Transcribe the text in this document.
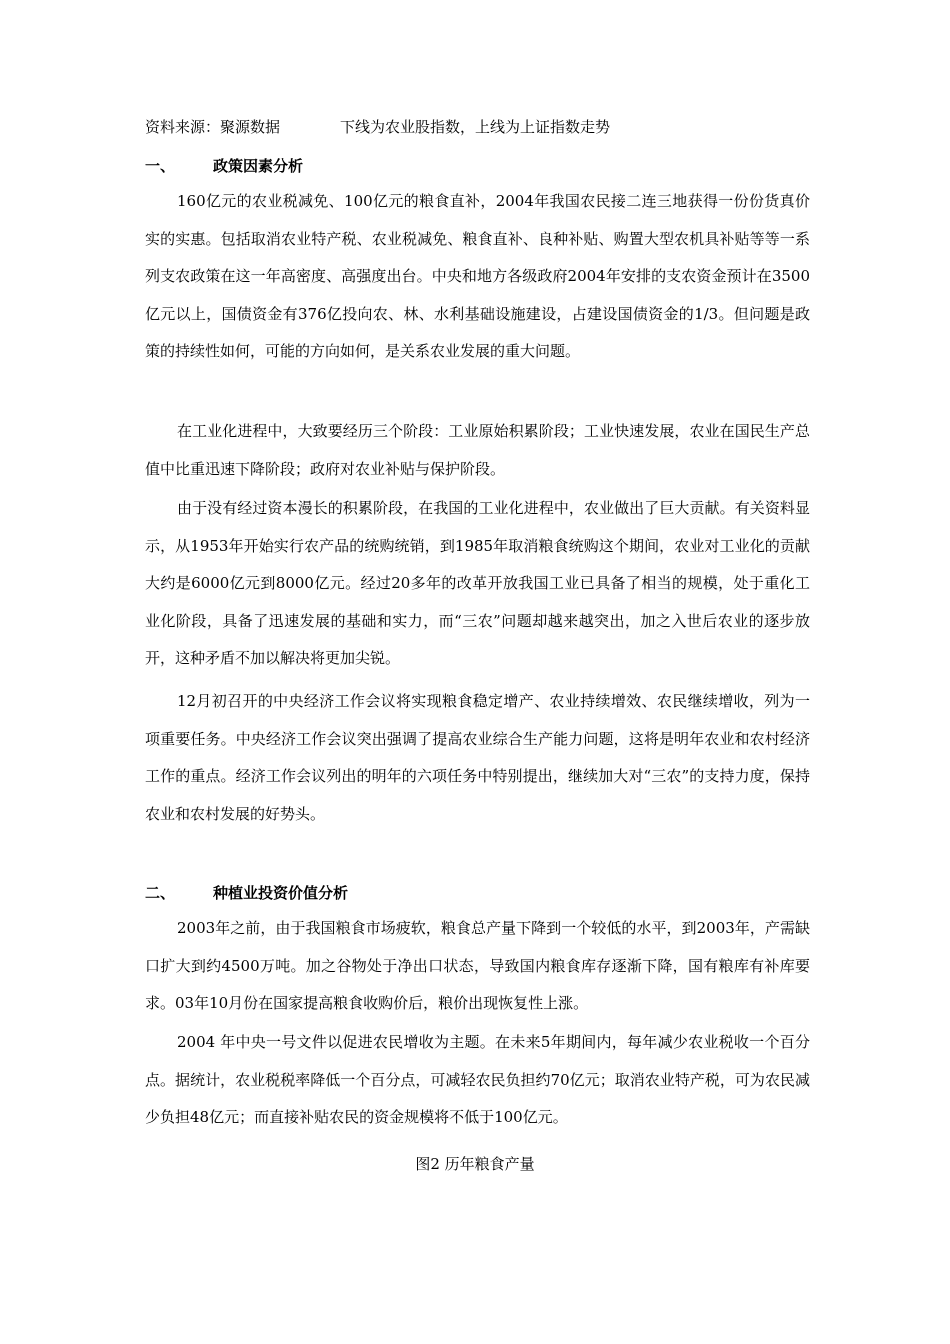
资料来源：聚源数据	下线为农业股指数，上线为上证指数走势
一、	政策因素分析

160亿元的农业税减免、100亿元的粮食直补，2004年我国农民接二连三地获得一份份货真价实的实惠。包括取消农业特产税、农业税减免、粮食直补、良种补贴、购置大型农机具补贴等等一系列支农政策在这一年高密度、高强度出台。中央和地方各级政府2004年安排的支农资金预计在3500亿元以上，国债资金有376亿投向农、林、水利基础设施建设，占建设国债资金的1/3。但问题是政策的持续性如何，可能的方向如何，是关系农业发展的重大问题。

在工业化进程中，大致要经历三个阶段：工业原始积累阶段；工业快速发展，农业在国民生产总值中比重迅速下降阶段；政府对农业补贴与保护阶段。

由于没有经过资本漫长的积累阶段，在我国的工业化进程中，农业做出了巨大贡献。有关资料显示，从1953年开始实行农产品的统购统销，到1985年取消粮食统购这个期间，农业对工业化的贡献大约是6000亿元到8000亿元。经过20多年的改革开放我国工业已具备了相当的规模，处于重化工业化阶段，具备了迅速发展的基础和实力，而“三农”问题却越来越突出，加之入世后农业的逐步放开，这种矛盾不加以解决将更加尖锐。

12月初召开的中央经济工作会议将实现粮食稳定增产、农业持续增效、农民继续增收，列为一项重要任务。中央经济工作会议突出强调了提高农业综合生产能力问题，这将是明年农业和农村经济工作的重点。经济工作会议列出的明年的六项任务中特别提出，继续加大对“三农”的支持力度，保持农业和农村发展的好势头。

二、	种植业投资价值分析

2003年之前，由于我国粮食市场疲软，粮食总产量下降到一个较低的水平，到2003年，产需缺口扩大到约4500万吨。加之谷物处于净出口状态，导致国内粮食库存逐渐下降，国有粮库有补库要求。03年10月份在国家提高粮食收购价后，粮价出现恢复性上涨。

2004 年中央一号文件以促进农民增收为主题。在未来5年期间内，每年减少农业税收一个百分点。据统计，农业税税率降低一个百分点，可减轻农民负担约70亿元；取消农业特产税，可为农民减少负担48亿元；而直接补贴农民的资金规模将不低于100亿元。

图2 历年粮食产量
